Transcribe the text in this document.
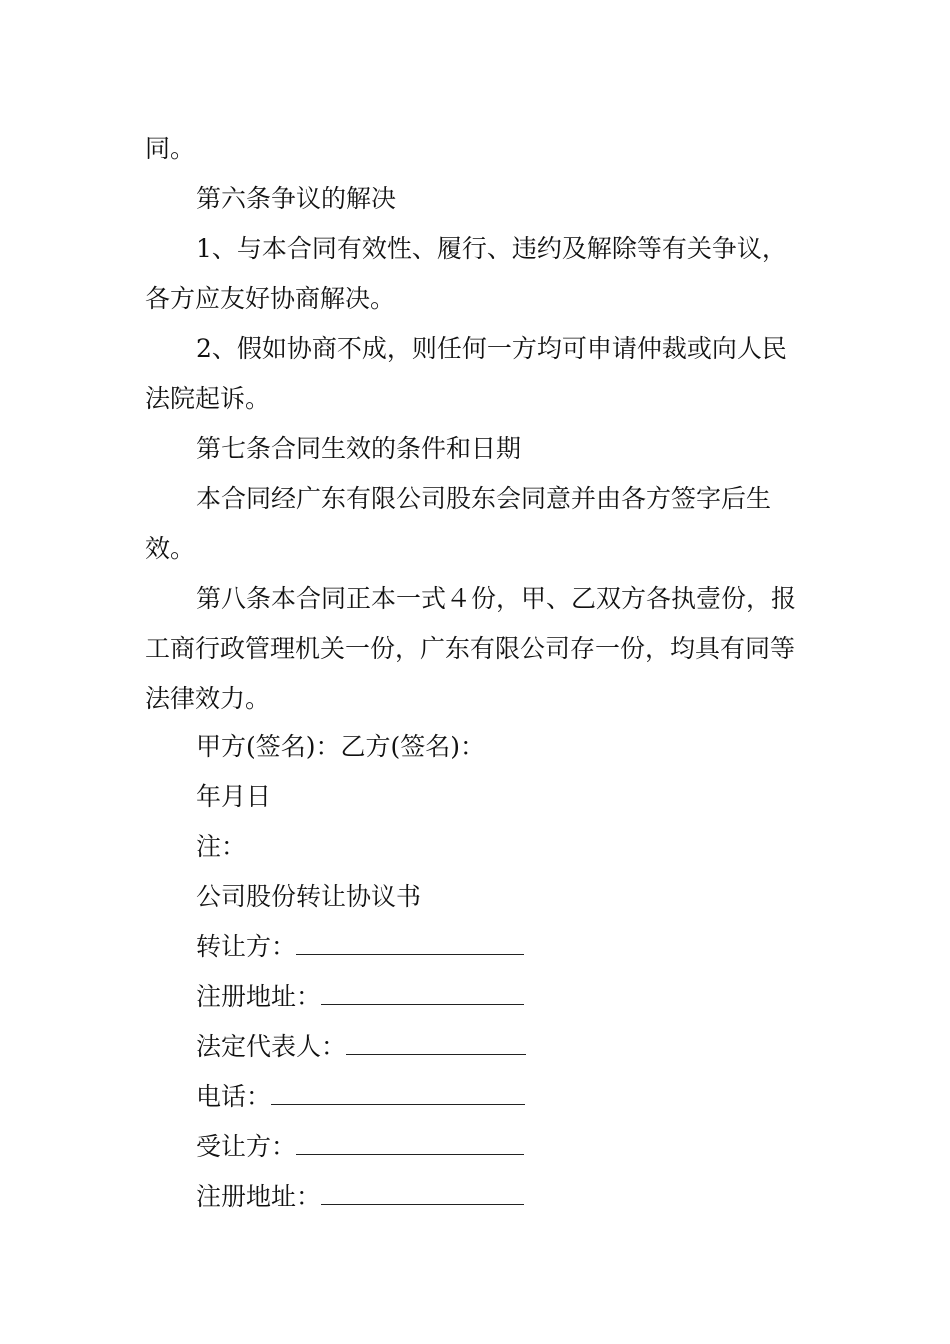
同。

第六条争议的解决

1、与本合同有效性、履行、违约及解除等有关争议，各方应友好协商解决。

2、假如协商不成，则任何一方均可申请仲裁或向人民法院起诉。

第七条合同生效的条件和日期

本合同经广东有限公司股东会同意并由各方签字后生效。

第八条本合同正本一式４份，甲、乙双方各执壹份，报工商行政管理机关一份，广东有限公司存一份，均具有同等法律效力。

甲方(签名)：乙方(签名)：

年月日

注：

公司股份转让协议书

转让方：
注册地址：
法定代表人：
电话：
受让方：
注册地址：
